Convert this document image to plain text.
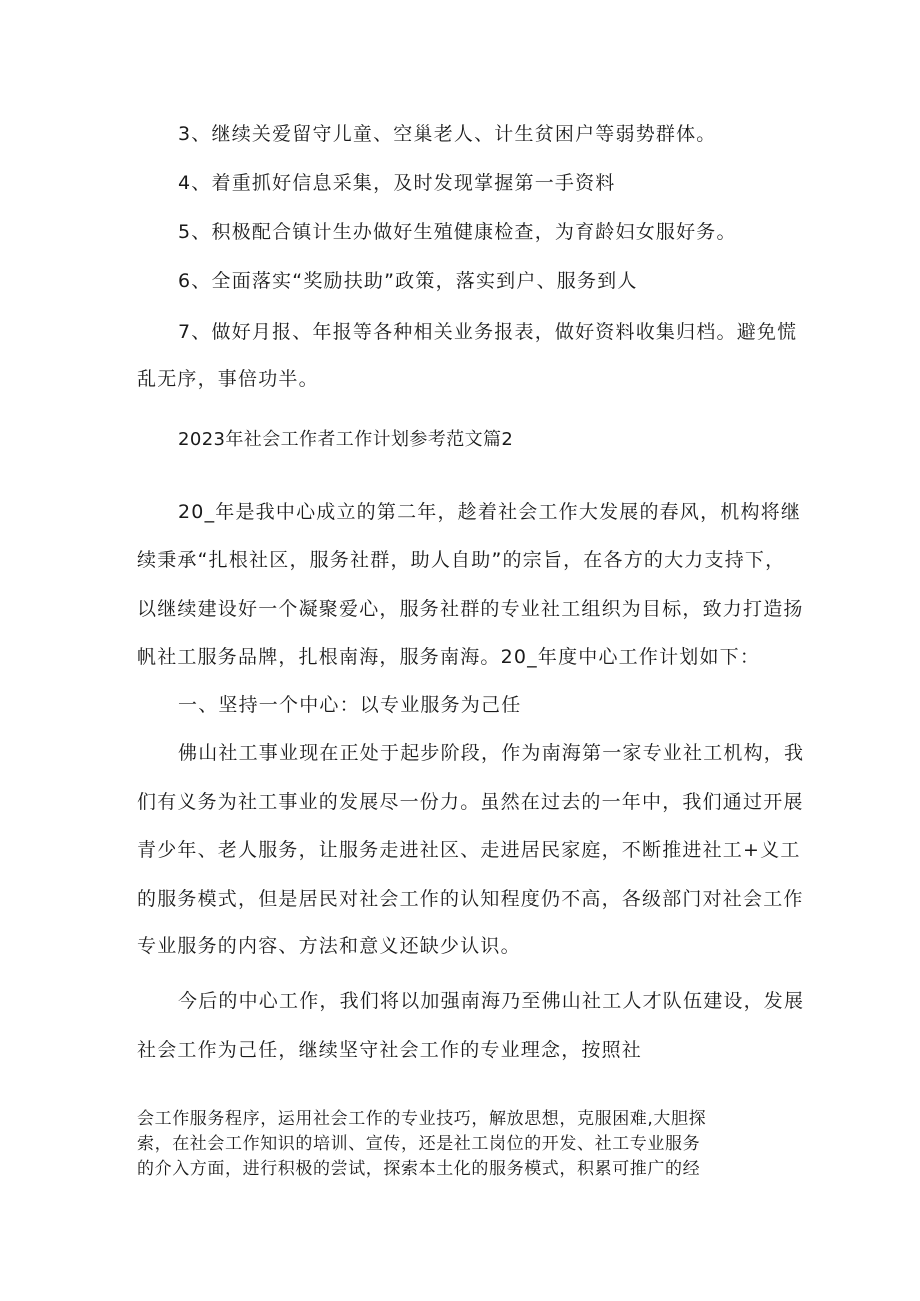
3、继续关爱留守儿童、空巢老人、计生贫困户等弱势群体。
4、着重抓好信息采集，及时发现掌握第一手资料
5、积极配合镇计生办做好生殖健康检查，为育龄妇女服好务。
6、全面落实“奖励扶助”政策，落实到户、服务到人
7、做好月报、年报等各种相关业务报表，做好资料收集归档。避免慌
乱无序，事倍功半。
2023年社会工作者工作计划参考范文篇2
20_年是我中心成立的第二年，趁着社会工作大发展的春风，机构将继
续秉承“扎根社区，服务社群，助人自助”的宗旨，在各方的大力支持下，
以继续建设好一个凝聚爱心，服务社群的专业社工组织为目标，致力打造扬
帆社工服务品牌，扎根南海，服务南海。20_年度中心工作计划如下：
一、坚持一个中心：以专业服务为己任
佛山社工事业现在正处于起步阶段，作为南海第一家专业社工机构，我
们有义务为社工事业的发展尽一份力。虽然在过去的一年中，我们通过开展
青少年、老人服务，让服务走进社区、走进居民家庭，不断推进社工+义工
的服务模式，但是居民对社会工作的认知程度仍不高，各级部门对社会工作
专业服务的内容、方法和意义还缺少认识。
今后的中心工作，我们将以加强南海乃至佛山社工人才队伍建设，发展
社会工作为己任，继续坚守社会工作的专业理念，按照社
会工作服务程序，运用社会工作的专业技巧，解放思想，克服困难,大胆探
索，在社会工作知识的培训、宣传，还是社工岗位的开发、社工专业服务
的介入方面，进行积极的尝试，探索本土化的服务模式，积累可推广的经
